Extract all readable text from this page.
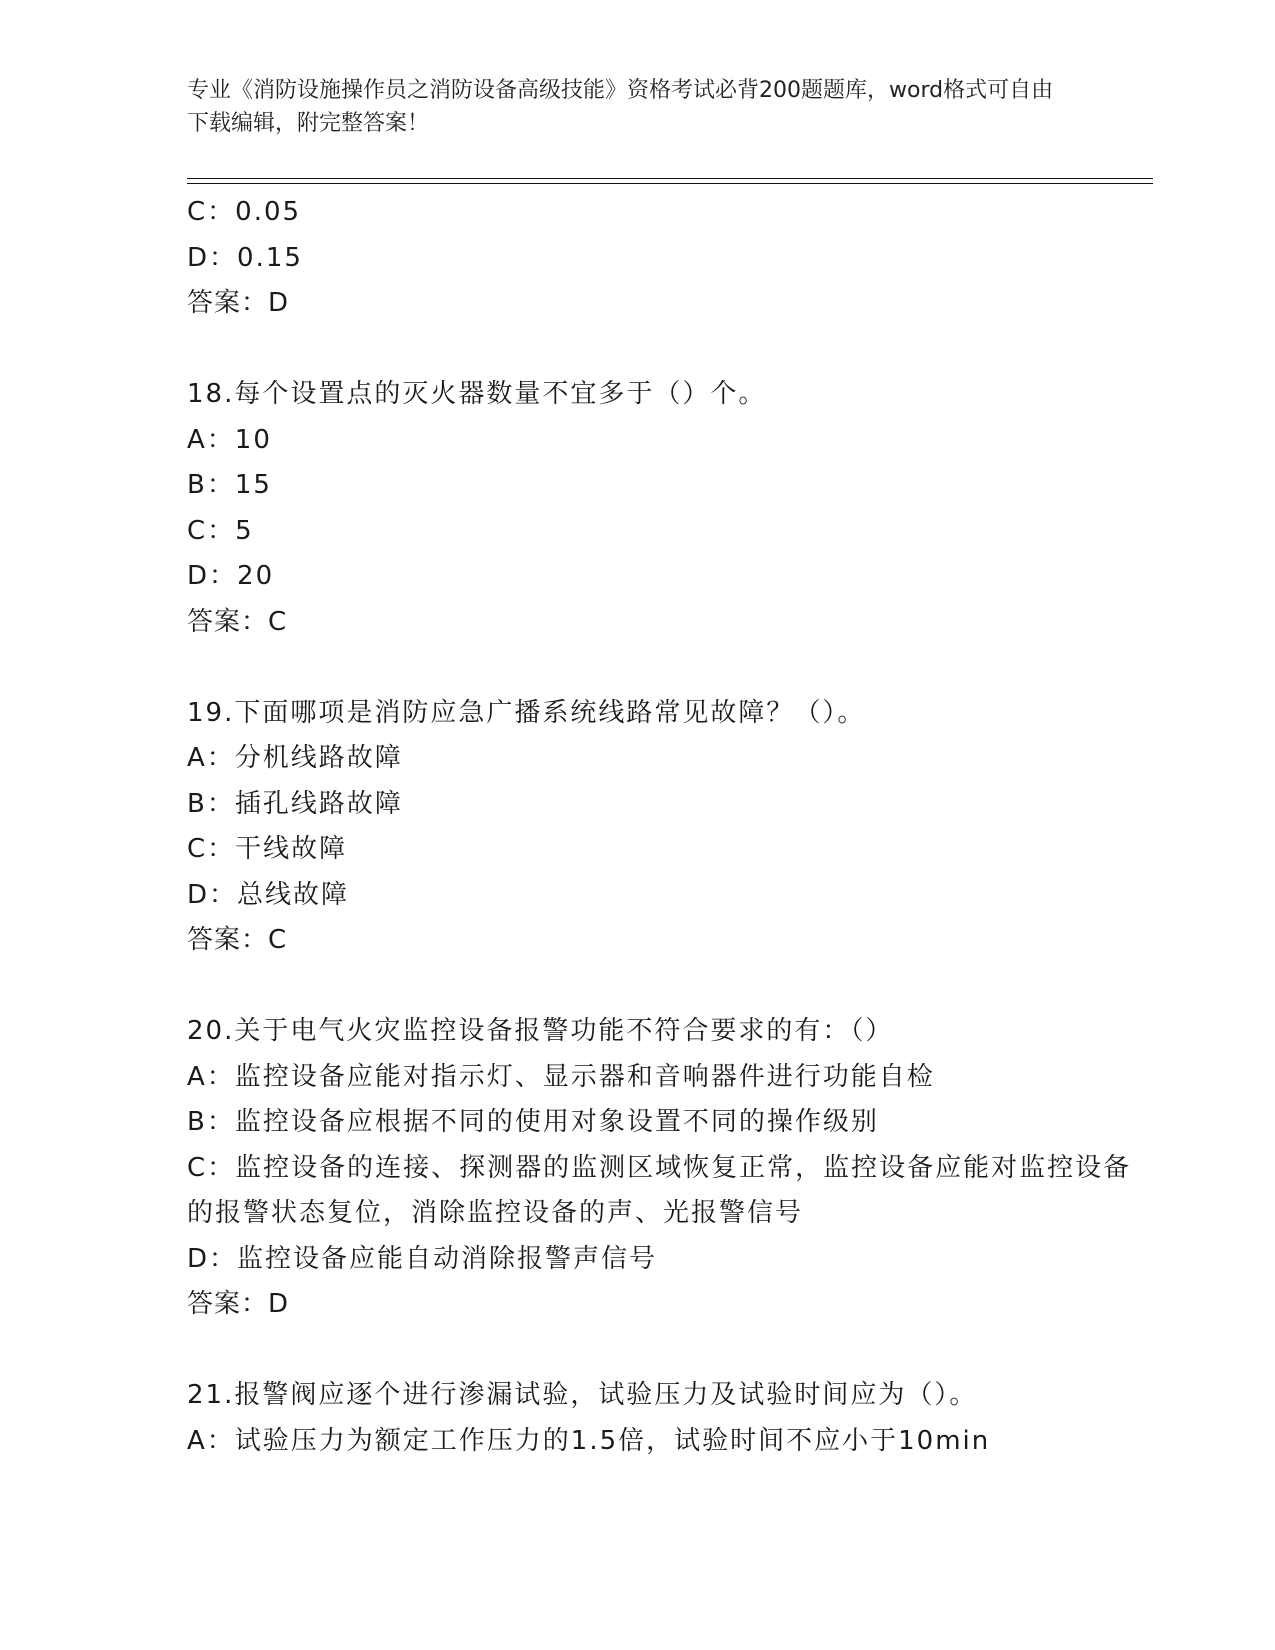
专业《消防设施操作员之消防设备高级技能》资格考试必背200题题库，word格式可自由下载编辑，附完整答案！

C：0.05

D：0.15

答案：D

18.每个设置点的灭火器数量不宜多于（）个。

A：10

B：15

C：5

D：20

答案：C

19.下面哪项是消防应急广播系统线路常见故障？（）。

A：分机线路故障

B：插孔线路故障

C：干线故障

D：总线故障

答案：C

20.关于电气火灾监控设备报警功能不符合要求的有：（）

A：监控设备应能对指示灯、显示器和音响器件进行功能自检

B：监控设备应根据不同的使用对象设置不同的操作级别

C：监控设备的连接、探测器的监测区域恢复正常，监控设备应能对监控设备的报警状态复位，消除监控设备的声、光报警信号

D：监控设备应能自动消除报警声信号

答案：D

21.报警阀应逐个进行渗漏试验，试验压力及试验时间应为（）。

A：试验压力为额定工作压力的1.5倍，试验时间不应小于10min
